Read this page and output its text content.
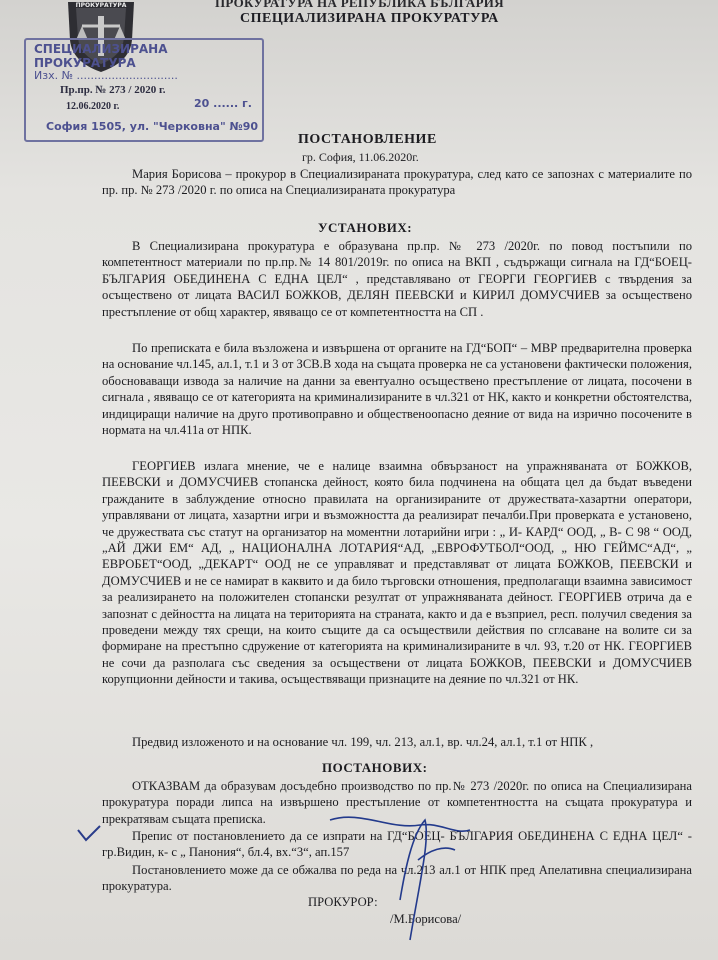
ПРОКУРАТУРА	ПРОКУРАТУРА НА РЕПУБЛИКА БЪЛГАРИЯ
СПЕЦИАЛИЗИРАНА ПРОКУРАТУРА
СПЕЦИАЛИЗИРАНА ПРОКУРАТУРА
Изх. № .............................
Пр.пр. № 273 / 2020 г.
12.06.2020 г.	20 ...... г.
София 1505, ул. "Черковна" №90
ПОСТАНОВЛЕНИЕ
гр. София, 11.06.2020г.

Мария Борисова – прокурор в Специализираната прокуратура, след като се запознах с материалите по пр. пр. № 273 /2020 г. по описа на Специализираната прокуратура

УСТАНОВИХ:

В Специализирана прокуратура е образувана пр.пр. № 273 /2020г. по повод постъпили по компетентност материали по пр.пр.№ 14 801/2019г. по описа на ВКП , съдържащи сигнала на ГД“БОЕЦ- БЪЛГАРИЯ ОБЕДИНЕНА С ЕДНА ЦЕЛ“ , представлявано от ГЕОРГИ ГЕОРГИЕВ с твърдения за осъществено от лицата ВАСИЛ БОЖКОВ, ДЕЛЯН ПЕЕВСКИ и КИРИЛ ДОМУСЧИЕВ за осъществено престъпление от общ характер, явяващо се от компетентността на СП .

По преписката е била възложена и извършена от органите на ГД“БОП“ – МВР предварителна проверка на основание чл.145, ал.1, т.1 и 3 от ЗСВ.В хода на същата проверка не са установени фактически положения, обосноваващи извода за наличие на данни за евентуално осъществено престъпление от лицата, посочени в сигнала , явяващо се от категорията на криминализираните в чл.321 от НК, както и конкретни обстоятелства, индициращи наличие на друго противоправно и общественоопасно деяние от вида на изрично посочените в нормата на чл.411а от НПК.

ГЕОРГИЕВ излага мнение, че е налице взаимна обвързаност на упражняваната от БОЖКОВ, ПЕЕВСКИ и ДОМУСЧИЕВ стопанска дейност, която била подчинена на общата цел да бъдат въведени гражданите в заблуждение относно правилата на организираните от дружествата-хазартни оператори, управлявани от лицата, хазартни игри и възможността да реализират печалби.При проверката е установено, че дружествата със статут на организатор на моментни лотарийни игри : „ И- КАРД“ ООД, „ В- С 98 “ ООД, „АЙ ДЖИ ЕМ“ АД, „ НАЦИОНАЛНА ЛОТАРИЯ“АД, „ЕВРОФУТБОЛ“ООД, „ НЮ ГЕЙМС“АД“, „ ЕВРОБЕТ“ООД, „ДЕКАРТ“ ООД не се управляват и представляват от лицата БОЖКОВ, ПЕЕВСКИ и ДОМУСЧИЕВ и не се намират в каквито и да било търговски отношения, предполагащи взаимна зависимост за реализирането на положителен стопански резултат от упражняваната дейност. ГЕОРГИЕВ отрича да е запознат с дейността на лицата на територията на страната, както и да е възприел, респ. получил сведения за проведени между тях срещи, на които същите да са осъществили действия по сглсаване на волите си за формиране на престъпно сдружение от категорията на криминализираните в чл. 93, т.20 от НК. ГЕОРГИЕВ не сочи да разполага със сведения за осъществени от лицата БОЖКОВ, ПЕЕВСКИ и ДОМУСЧИЕВ корупционни дейности и такива, осъществяващи признаците на деяние по чл.321 от НК.

Предвид изложеното и на основание чл. 199, чл. 213, ал.1, вр. чл.24, ал.1, т.1 от НПК ,

ПОСТАНОВИХ:

ОТКАЗВАМ да образувам досъдебно производство по пр.№ 273 /2020г. по описа на Специализирана прокуратура поради липса на извършено престъпление от компетентността на същата прокуратура и прекратявам същата преписка.

Препис от постановлението да се изпрати на ГД“БОЕЦ- БЪЛГАРИЯ ОБЕДИНЕНА С ЕДНА ЦЕЛ“ - гр.Видин, к- с „ Панония“, бл.4, вх.“3“, ап.157

Постановлението може да се обжалва по реда на чл.213 ал.1 от НПК пред Апелативна специализирана прокуратура.

ПРОКУРОР:
/М.Борисова/
